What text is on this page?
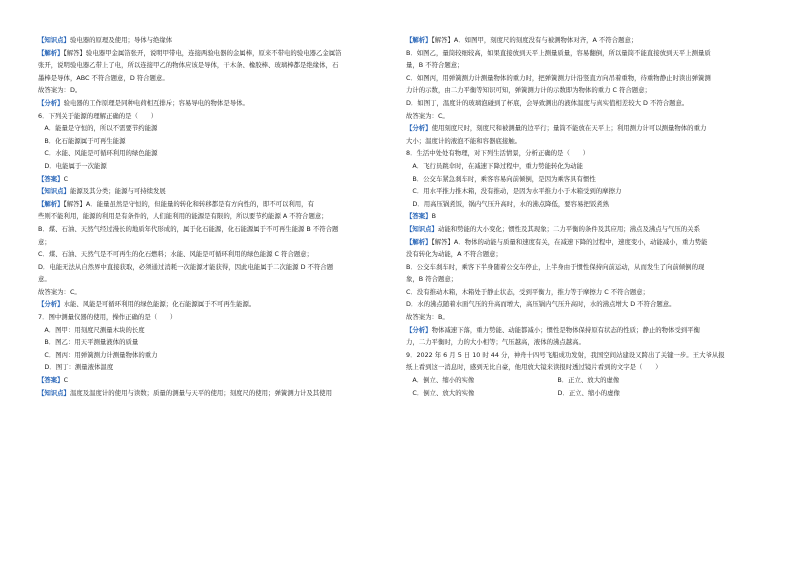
【知识点】验电器的原理及使用；导体与绝缘体
【解析】【解答】验电器甲金属箔张开，说明甲带电，连接两验电器的金属棒，原来不带电的验电器乙金属箔
张开，说明验电器乙带上了电，所以连接甲乙的物体应该是导体，干木条、橡胶棒、玻璃棒都是绝缘体，石
墨棒是导体，ABC 不符合题意，D 符合题意。
故答案为：D。
【分析】验电器的工作原理是同种电荷相互排斥；容易导电的物体是导体。
6．下列关于能源的理解正确的是（　　）
　A．能量是守恒的，所以不需要节约能源
　B．化石能源属于可再生能源
　C．水能、风能是可循环利用的绿色能源
　D．电能属于一次能源
【答案】C
【知识点】能源及其分类；能源与可持续发展
【解析】【解答】A．能量虽然是守恒的，但能量的转化和转移都是有方向性的，即不可以利用，有
些则不能利用，能源的利用是有条件的，人们能利用的能源是有限的，所以要节约能源 A 不符合题意；
B．煤、石油、天然气经过漫长的地质年代形成的，属于化石能源，化石能源属于不可再生能源 B 不符合题
意；
C．煤、石油、天然气是不可再生的化石燃料；水能、风能是可循环利用的绿色能源 C 符合题意；
D．电能无法从自然界中直接获取，必须通过消耗一次能源才能获得，因此电能属于二次能源 D 不符合题
意。
故答案为：C。
【分析】水能、风能是可循环利用的绿色能源；化石能源属于不可再生能源。
7．图中测量仪器的使用，操作正确的是（　　）
　A．图甲：用刻度尺测量木块的长度
　B．图乙：用天平测量液体的质量
　C．图丙：用弹簧测力计测量物体的重力
　D．图丁：测量液体温度
【答案】C
【知识点】温度及温度计的使用与读数；质量的测量与天平的使用；刻度尺的使用；弹簧测力计及其使用
【解析】【解答】A．如图甲，刻度尺的刻度没有与被测物体对齐，A 不符合题意；
B．如图乙，量筒较细较高，如果直接放到天平上测量质量，容易翻倒，所以量筒不能直接放到天平上测量质
量，B 不符合题意；
C．如图丙，用弹簧测力计测量物体的重力时，把弹簧测力计沿竖直方向吊着重物，待重物静止时读出弹簧测
力计的示数，由二力平衡等知识可知，弹簧测力计的示数即为物体的重力 C 符合题意；
D．如图丁，温度计的玻璃泡碰到了杯底，会导致测出的液体温度与真实值相差较大 D 不符合题意。
故答案为：C。
【分析】使用刻度尺时，刻度尺和被测量的边平行；量筒不能放在天平上；利用测力计可以测量物体的重力
大小；温度计的液泡不能和容器底接触。
8．生活中处处有物理，对下列生活情景，分析正确的是（　　）
　A．飞行员跳伞时，在减速下降过程中，重力势能转化为动能
　B．公交车紧急刹车时，乘客容易向前倾倒，是因为乘客具有惯性
　C．用水平推力推木箱，没有推动，是因为水平推力小于木箱受到的摩擦力
　D．用高压锅煮饭，锅内气压升高时，水的沸点降低，要容易把饭煮熟
【答案】B
【知识点】动能和势能的大小变化；惯性及其现象；二力平衡的条件及其应用；沸点及沸点与气压的关系
【解析】【解答】A．物体的动能与质量和速度有关，在减速下降的过程中，速度变小，动能减小，重力势能
没有转化为动能，A 不符合题意；
B．公交车刹车时，乘客下半身随着公交车停止，上半身由于惯性保持向前运动，从而发生了向前倾倒的现
象，B 符合题意；
C．没有推动木箱，木箱处于静止状态，受到平衡力，推力等于摩擦力 C 不符合题意；
D．水的沸点随着水面气压的升高而增大，高压锅内气压升高时，水的沸点增大 D 不符合题意。
故答案为：B。
【分析】物体减速下落，重力势能、动能都减小；惯性是物体保持原有状态的性质；静止的物体受到平衡
力，二力平衡时，力的大小相等；气压越高，液体的沸点越高。
9．2022 年 6 月 5 日 10 时 44 分，神舟十四号飞船成功发射，我国空间站建设又跨出了关键一步。王大爷从报
纸上看到这一消息时，感到无比自豪，他用放大镜来读报时透过镜片看到的文字是（　　）
　A．倒立、缩小的实像　　　　　　　　　　　　　B．正立、放大的虚像
　C．倒立、放大的实像　　　　　　　　　　　　　D．正立、缩小的虚像
